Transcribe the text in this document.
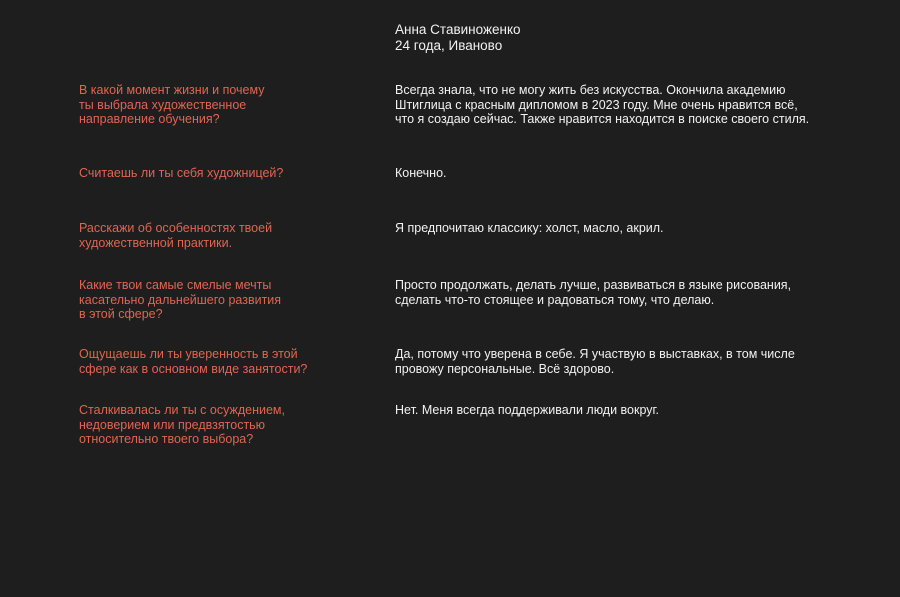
Анна Ставиноженко
24 года, Иваново
В какой момент жизни и почему
ты выбрала художественное
направление обучения?
Всегда знала, что не могу жить без искусства. Окончила академию
Штиглица с красным дипломом в 2023 году. Мне очень нравится всё,
что я создаю сейчас. Также нравится находится в поиске своего стиля.
Считаешь ли ты себя художницей?	Конечно.
Расскажи об особенностях твоей
художественной практики.
Я предпочитаю классику: холст, масло, акрил.
Какие твои самые смелые мечты
касательно дальнейшего развития
в этой сфере?
Просто продолжать, делать лучше, развиваться в языке рисования,
сделать что-то стоящее и радоваться тому, что делаю.
Ощущаешь ли ты уверенность в этой
сфере как в основном виде занятости?
Да, потому что уверена в себе. Я участвую в выставках, в том числе
провожу персональные. Всё здорово.
Сталкивалась ли ты с осуждением,
недоверием или предвзятостью
относительно твоего выбора?
Нет. Меня всегда поддерживали люди вокруг.
